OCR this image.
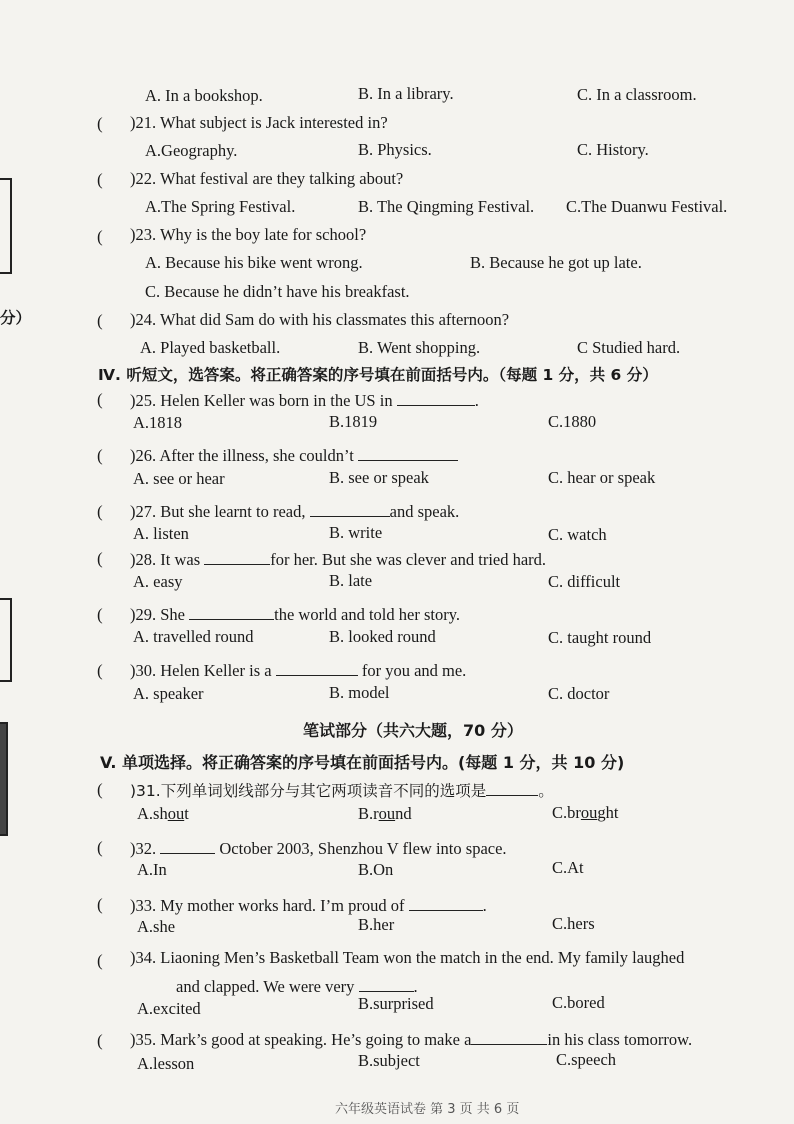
分）
A. In a bookshop.	B. In a library.	C. In a classroom.
( )21. What subject is Jack interested in?
A.Geography.	B. Physics.	C. History.
( )22. What festival are they talking about?
A.The Spring Festival.	B. The Qingming Festival. C.The Duanwu Festival.
( )23. Why is the boy late for school?
A. Because his bike went wrong.	B. Because he got up late.
C. Because he didn’t have his breakfast.
( )24. What did Sam do with his classmates this afternoon?
A. Played basketball.	B. Went shopping.	C Studied hard.
Ⅳ. 听短文，选答案。将正确答案的序号填在前面括号内。（每题 1 分，共 6 分）
( )25. Helen Keller was born in the US in	.
A.1818	B.1819	C.1880
( )26. After the illness, she couldn’t
A. see or hear	B. see or speak	C. hear or speak
( )27. But she learnt to read,	and speak.
A. listen	B. write	C. watch
( )28. It was	for her. But she was clever and tried hard.
A. easy	B. late	C. difficult
( )29. She	the world and told her story.
A. travelled round	B. looked round	C. taught round
( )30. Helen Keller is a	for you and me.
A. speaker	B. model	C. doctor
笔试部分（共六大题，70 分）
V. 单项选择。将正确答案的序号填在前面括号内。(每题 1 分，共 10 分)
( )31.下列单词划线部分与其它两项读音不同的选项是	。
A.shout	B.round	C.brought
( )32.	October 2003, Shenzhou V flew into space.
A.In	B.On	C.At
( )33. My mother works hard. I’m proud of	.
A.she	B.her	C.hers
( )34. Liaoning Men’s Basketball Team won the match in the end. My family laughed
and clapped. We were very	.
A.excited	B.surprised	C.bored
( )35. Mark’s good at speaking. He’s going to make a	in his class tomorrow.
A.lesson	B.subject	C.speech
六年级英语试卷 第 3 页 共 6 页
